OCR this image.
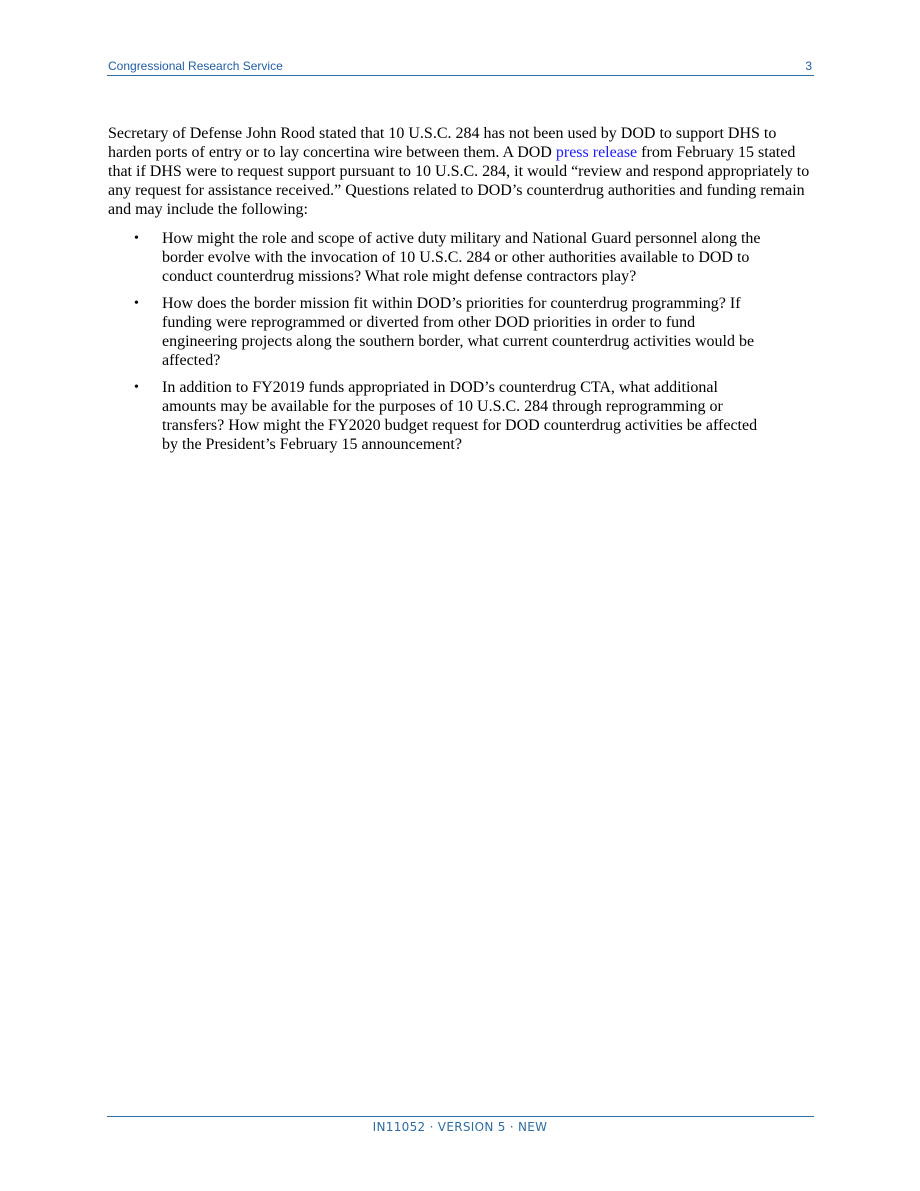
Congressional Research Service	3

Secretary of Defense John Rood stated that 10 U.S.C. 284 has not been used by DOD to support DHS to harden ports of entry or to lay concertina wire between them. A DOD press release from February 15 stated that if DHS were to request support pursuant to 10 U.S.C. 284, it would “review and respond appropriately to any request for assistance received.” Questions related to DOD’s counterdrug authorities and funding remain and may include the following:

• How might the role and scope of active duty military and National Guard personnel along the border evolve with the invocation of 10 U.S.C. 284 or other authorities available to DOD to conduct counterdrug missions? What role might defense contractors play?
• How does the border mission fit within DOD’s priorities for counterdrug programming? If funding were reprogrammed or diverted from other DOD priorities in order to fund engineering projects along the southern border, what current counterdrug activities would be affected?
• In addition to FY2019 funds appropriated in DOD’s counterdrug CTA, what additional amounts may be available for the purposes of 10 U.S.C. 284 through reprogramming or transfers? How might the FY2020 budget request for DOD counterdrug activities be affected by the President’s February 15 announcement?
IN11052 · VERSION 5 · NEW
